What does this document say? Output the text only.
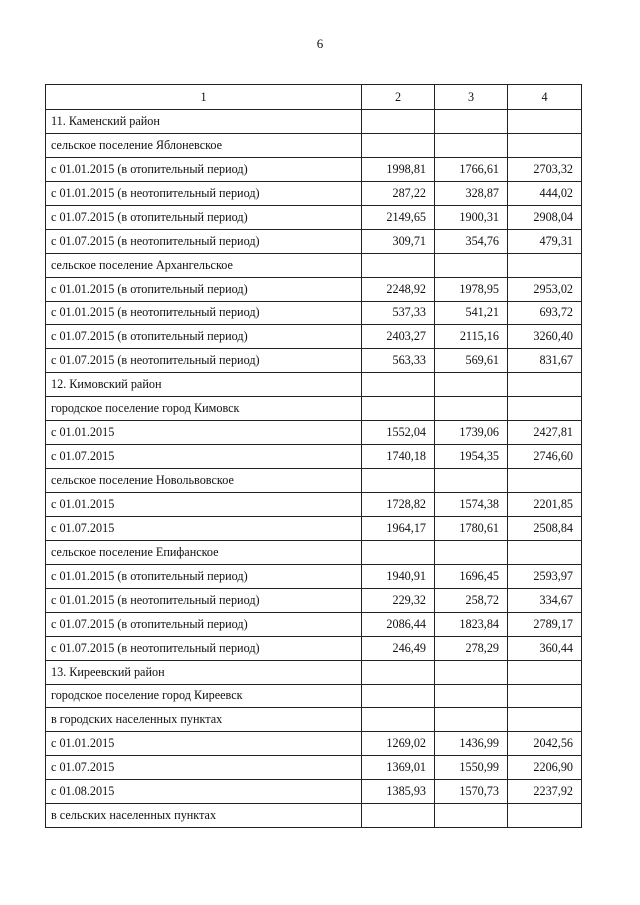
6
1	2	3	4
11. Каменский район			
сельское поселение Яблоневское			
с 01.01.2015 (в отопительный период)	1998,81	1766,61	2703,32
с 01.01.2015 (в неотопительный период)	287,22	328,87	444,02
с 01.07.2015 (в отопительный период)	2149,65	1900,31	2908,04
с 01.07.2015 (в неотопительный период)	309,71	354,76	479,31
сельское поселение Архангельское			
с 01.01.2015 (в отопительный период)	2248,92	1978,95	2953,02
с 01.01.2015 (в неотопительный период)	537,33	541,21	693,72
с 01.07.2015 (в отопительный период)	2403,27	2115,16	3260,40
с 01.07.2015 (в неотопительный период)	563,33	569,61	831,67
12. Кимовский район			
городское поселение город Кимовск			
с 01.01.2015	1552,04	1739,06	2427,81
с 01.07.2015	1740,18	1954,35	2746,60
сельское поселение Новольвовское			
с 01.01.2015	1728,82	1574,38	2201,85
с 01.07.2015	1964,17	1780,61	2508,84
сельское поселение Епифанское			
с 01.01.2015 (в отопительный период)	1940,91	1696,45	2593,97
с 01.01.2015 (в неотопительный период)	229,32	258,72	334,67
с 01.07.2015 (в отопительный период)	2086,44	1823,84	2789,17
с 01.07.2015 (в неотопительный период)	246,49	278,29	360,44
13. Киреевский район			
городское поселение город Киреевск			
в городских населенных пунктах			
с 01.01.2015	1269,02	1436,99	2042,56
с 01.07.2015	1369,01	1550,99	2206,90
с 01.08.2015	1385,93	1570,73	2237,92
в сельских населенных пунктах			
